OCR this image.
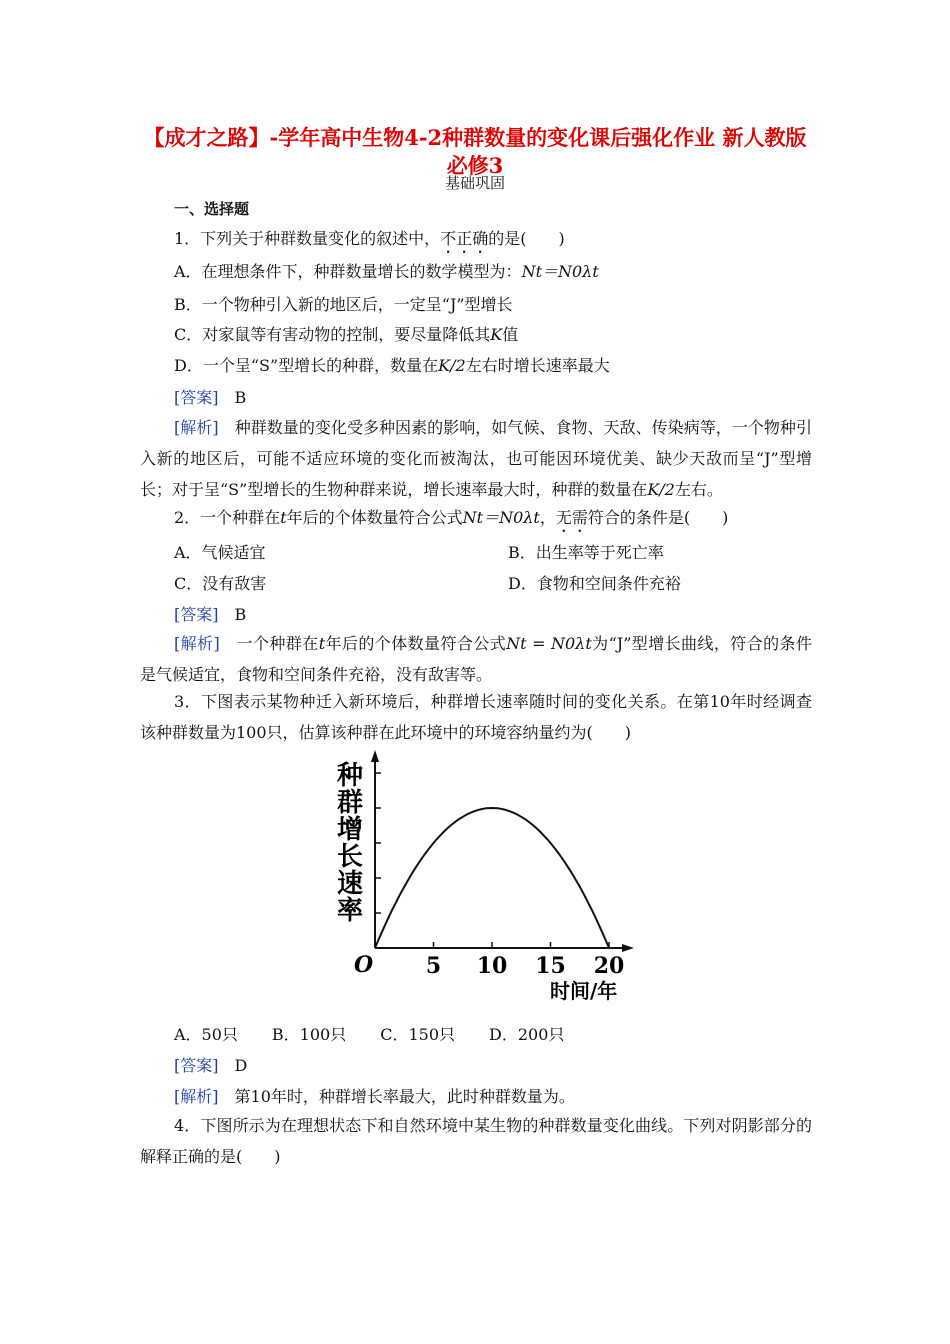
【成才之路】-学年高中生物4-2种群数量的变化课后强化作业 新人教版必修3
基础巩固
一、选择题
1．下列关于种群数量变化的叙述中，不正确的是(　　)
A．在理想条件下，种群数量增长的数学模型为：Nt＝N0λt
B．一个物种引入新的地区后，一定呈“J”型增长
C．对家鼠等有害动物的控制，要尽量降低其K值
D．一个呈“S”型增长的种群，数量在K/2左右时增长速率最大
[答案]　 B
[解析]　 种群数量的变化受多种因素的影响，如气候、食物、天敌、传染病等，一个物种引入新的地区后，可能不适应环境的变化而被淘汰，也可能因环境优美、缺少天敌而呈“J”型增长；对于呈“S”型增长的生物种群来说，增长速率最大时，种群的数量在K/2左右。
2．一个种群在t年后的个体数量符合公式Nt＝N0λt，无需符合的条件是(　　)
A．气候适宜	B．出生率等于死亡率
C．没有敌害	D．食物和空间条件充裕
[答案]　 B
[解析]　 一个种群在t年后的个体数量符合公式Nt = N0λt为“J”型增长曲线，符合的条件是气候适宜，食物和空间条件充裕，没有敌害等。
3．下图表示某物种迁入新环境后，种群增长速率随时间的变化关系。在第10年时经调查该种群数量为100只，估算该种群在此环境中的环境容纳量约为(　　)
种群增长速率
5 10 15 20
O
时间/年
A．50只 B．100只 C．150只 D．200只
[答案]　 D
[解析]　 第10年时，种群增长率最大，此时种群数量为。
4．下图所示为在理想状态下和自然环境中某生物的种群数量变化曲线。下列对阴影部分的解释正确的是(　　)
